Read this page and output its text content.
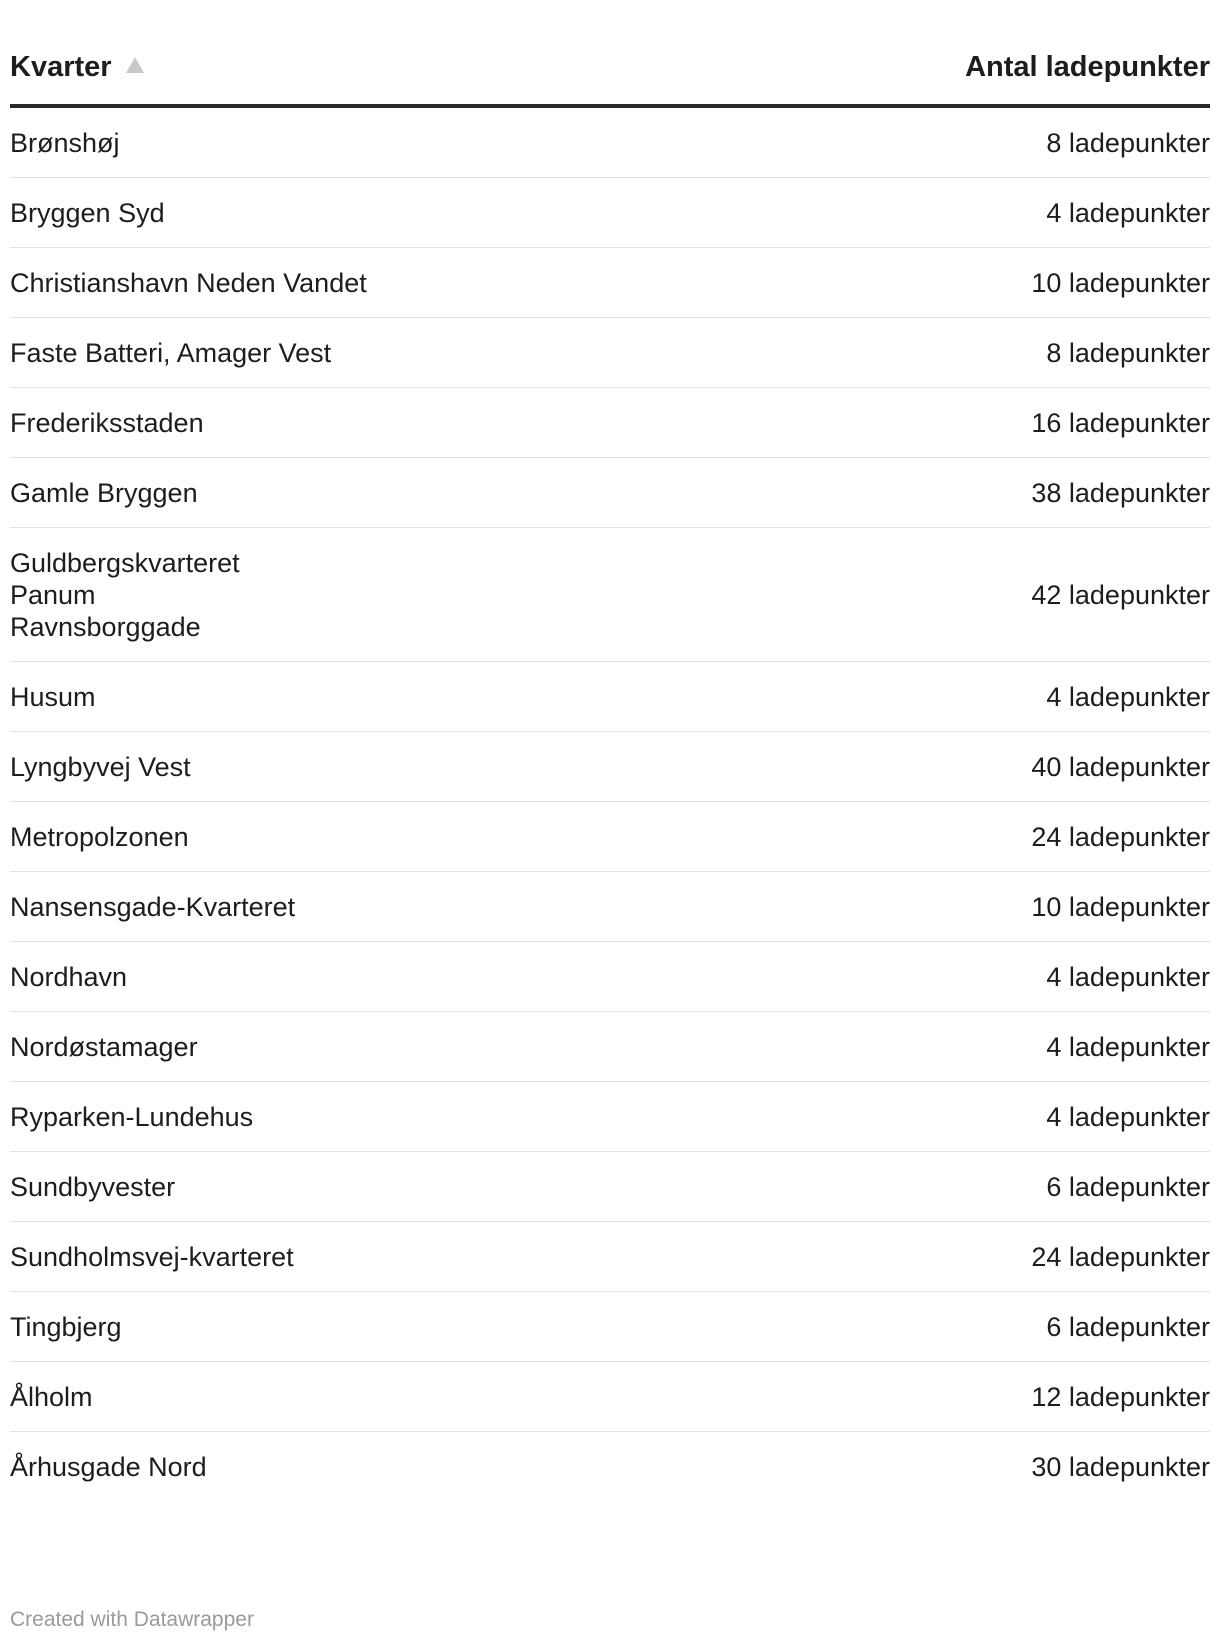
Kvarter	Antal ladepunkter

Brønshøj	8 ladepunkter

Bryggen Syd	4 ladepunkter

Christianshavn Neden Vandet	10 ladepunkter

Faste Batteri, Amager Vest	8 ladepunkter

Frederiksstaden	16 ladepunkter

Gamle Bryggen	38 ladepunkter

Guldbergskvarteret
Panum
Ravnsborggade	42 ladepunkter

Husum	4 ladepunkter

Lyngbyvej Vest	40 ladepunkter

Metropolzonen	24 ladepunkter

Nansensgade-Kvarteret	10 ladepunkter

Nordhavn	4 ladepunkter

Nordøstamager	4 ladepunkter

Ryparken-Lundehus	4 ladepunkter

Sundbyvester	6 ladepunkter

Sundholmsvej-kvarteret	24 ladepunkter

Tingbjerg	6 ladepunkter

Ålholm	12 ladepunkter

Århusgade Nord	30 ladepunkter
Created with Datawrapper
